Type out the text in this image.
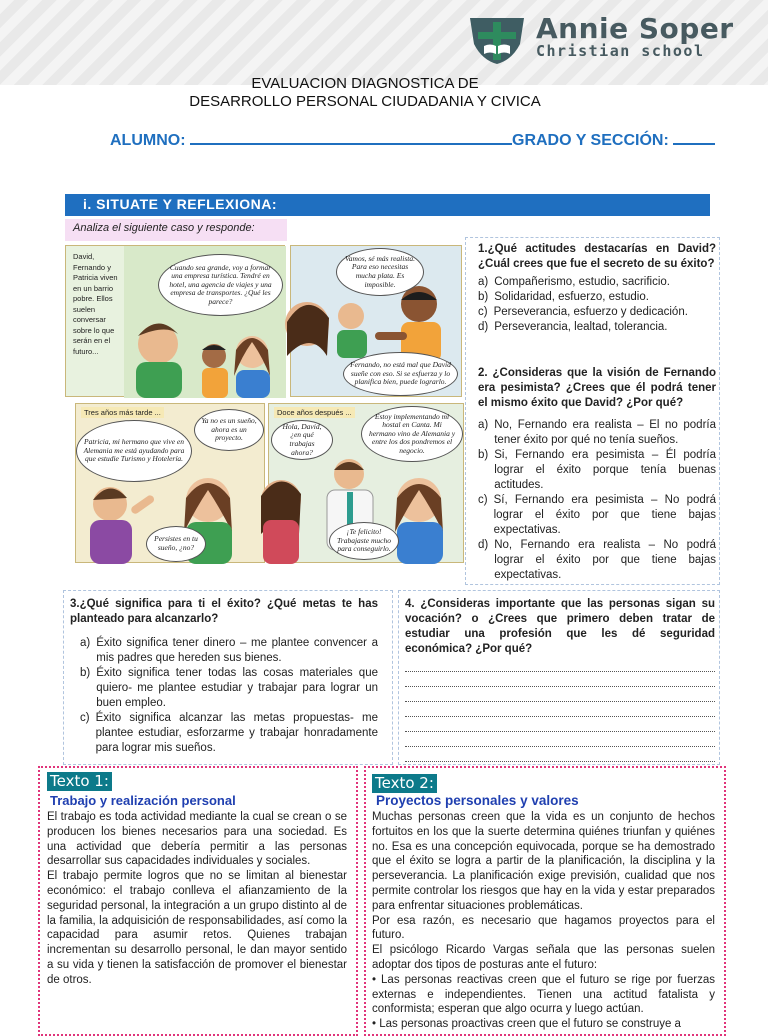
Annie Soper
Christian school
EVALUACION DIAGNOSTICA DE
DESARROLLO PERSONAL CIUDADANIA Y CIVICA
ALUMNO:	GRADO Y SECCIÓN:
i. SITUATE Y REFLEXIONA:
Analiza el siguiente caso y responde:
David, Fernando y Patricia viven en un barrio pobre. Ellos suelen conversar sobre lo que serán en el futuro...
Cuando sea grande, voy a formar una empresa turística. Tendré en hotel, una agencia de viajes y una empresa de transportes. ¿Qué les parece?
Vamos, sé más realista. Para eso necesitas mucha plata. Es imposible.
Fernando, no está mal que David sueñe con eso. Si se esfuerza y lo planifica bien, puede lograrlo.
Tres años más tarde ...
Patricia, mi hermano que vive en Alemania me está ayudando para que estudie Turismo y Hotelería.
Ya no es un sueño, ahora es un proyecto.
Persistes en tu sueño, ¿no?
Doce años después ...
Hola, David, ¿en qué trabajas ahora?
Estoy implementando mi hostal en Canta. Mi hermano vino de Alemania y entre los dos pondremos el negocio.
¡Te felicito! Trabajaste mucho para conseguirlo.
1.¿Qué actitudes destacarías en David? ¿Cuál crees que fue el secreto de su éxito?
a) Compañerismo, estudio, sacrificio.
b) Solidaridad, esfuerzo, estudio.
c) Perseverancia, esfuerzo y dedicación.
d) Perseverancia, lealtad, tolerancia.
2. ¿Consideras que la visión de Fernando era pesimista? ¿Crees que él podrá tener el mismo éxito que David? ¿Por qué?
a) No, Fernando era realista – El no podría tener éxito por qué no tenía sueños.
b) Si, Fernando era pesimista – Él podría lograr el éxito porque tenía buenas actitudes.
c) Sí, Fernando era pesimista – No podrá lograr el éxito por que tiene bajas expectativas.
d) No, Fernando era realista – No podrá lograr el éxito por que tiene bajas expectativas.
3.¿Qué significa para ti el éxito? ¿Qué metas te has planteado para alcanzarlo?
a) Éxito significa tener dinero – me plantee convencer a mis padres que hereden sus bienes.
b) Éxito significa tener todas las cosas materiales que quiero- me plantee estudiar y trabajar para lograr un buen empleo.
c) Éxito significa alcanzar las metas propuestas- me plantee estudiar, esforzarme y trabajar honradamente para lograr mis sueños.
4. ¿Consideras importante que las personas sigan su vocación? o ¿Crees que primero deben tratar de estudiar una profesión que les dé seguridad económica? ¿Por qué?
Texto 1:
Trabajo y realización personal

El trabajo es toda actividad mediante la cual se crean o se producen los bienes necesarios para una sociedad. Es una actividad que debería permitir a las personas desarrollar sus capacidades individuales y sociales.

El trabajo permite logros que no se limitan al bienestar económico: el trabajo conlleva el afianzamiento de la seguridad personal, la integración a un grupo distinto al de la familia, la adquisición de responsabilidades, así como la capacidad para asumir retos. Quienes trabajan incrementan su desarrollo personal, le dan mayor sentido a su vida y tienen la satisfacción de promover el bienestar de otros.

Texto 2:
Proyectos personales y valores

Muchas personas creen que la vida es un conjunto de hechos fortuitos en los que la suerte determina quiénes triunfan y quiénes no. Esa es una concepción equivocada, porque se ha demostrado que el éxito se logra a partir de la planificación, la disciplina y la perseverancia. La planificación exige previsión, cualidad que nos permite controlar los riesgos que hay en la vida y estar preparados para enfrentar situaciones problemáticas.

Por esa razón, es necesario que hagamos proyectos para el futuro.

El psicólogo Ricardo Vargas señala que las personas suelen adoptar dos tipos de posturas ante el futuro:

• Las personas reactivas creen que el futuro se rige por fuerzas externas e independientes. Tienen una actitud fatalista y conformista; esperan que algo ocurra y luego actúan.

• Las personas proactivas creen que el futuro se construye a
